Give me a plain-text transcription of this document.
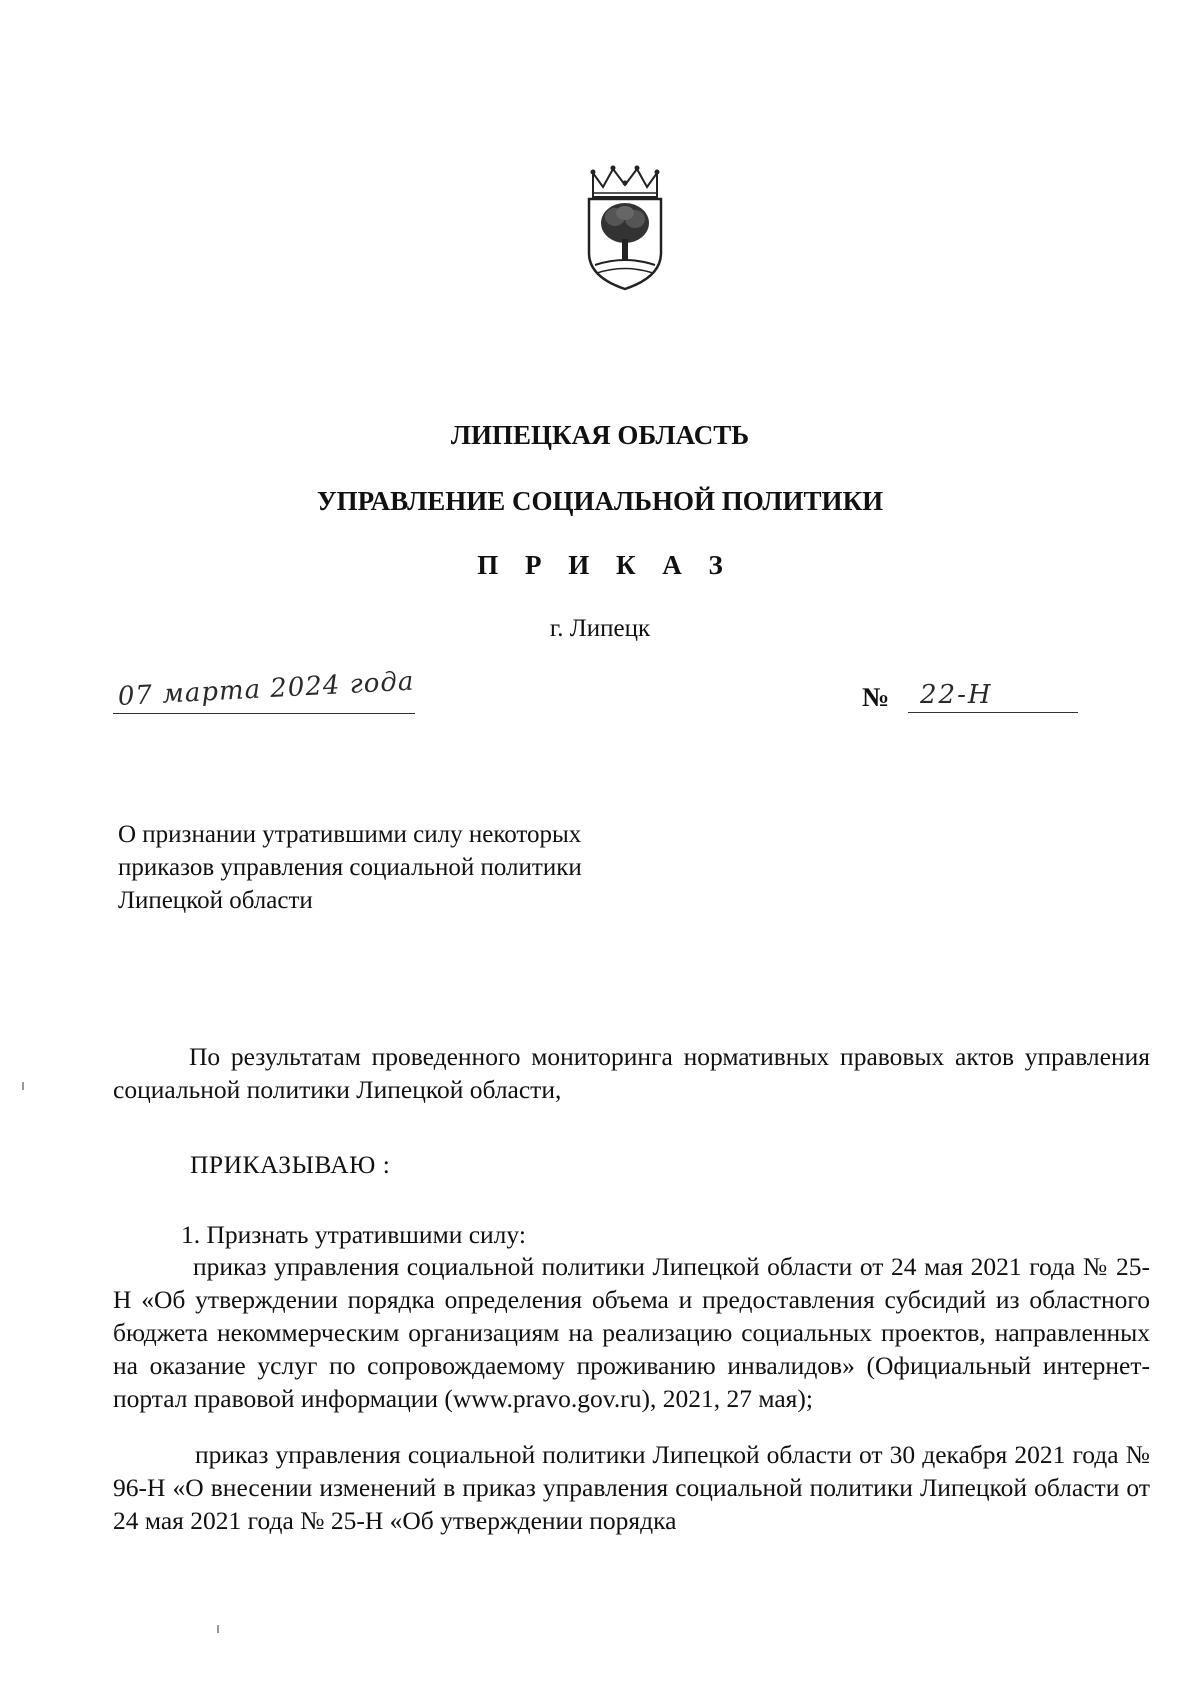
ЛИПЕЦКАЯ ОБЛАСТЬ
УПРАВЛЕНИЕ СОЦИАЛЬНОЙ ПОЛИТИКИ
П Р И К А З
г. Липецк
07 марта 2024 года	№ 22-Н
О признании утратившими силу некоторых
приказов управления социальной политики
Липецкой области
По результатам проведенного мониторинга нормативных правовых актов управления социальной политики Липецкой области,
ПРИКАЗЫВАЮ :
1. Признать утратившими силу:
приказ управления социальной политики Липецкой области от 24 мая 2021 года № 25-Н «Об утверждении порядка определения объема и предоставления субсидий из областного бюджета некоммерческим организациям на реализацию социальных проектов, направленных на оказание услуг по сопровождаемому проживанию инвалидов» (Официальный интернет-портал правовой информации (www.pravo.gov.ru), 2021, 27 мая);
приказ управления социальной политики Липецкой области от 30 декабря 2021 года № 96-Н «О внесении изменений в приказ управления социальной политики Липецкой области от 24 мая 2021 года № 25-Н «Об утверждении порядка
